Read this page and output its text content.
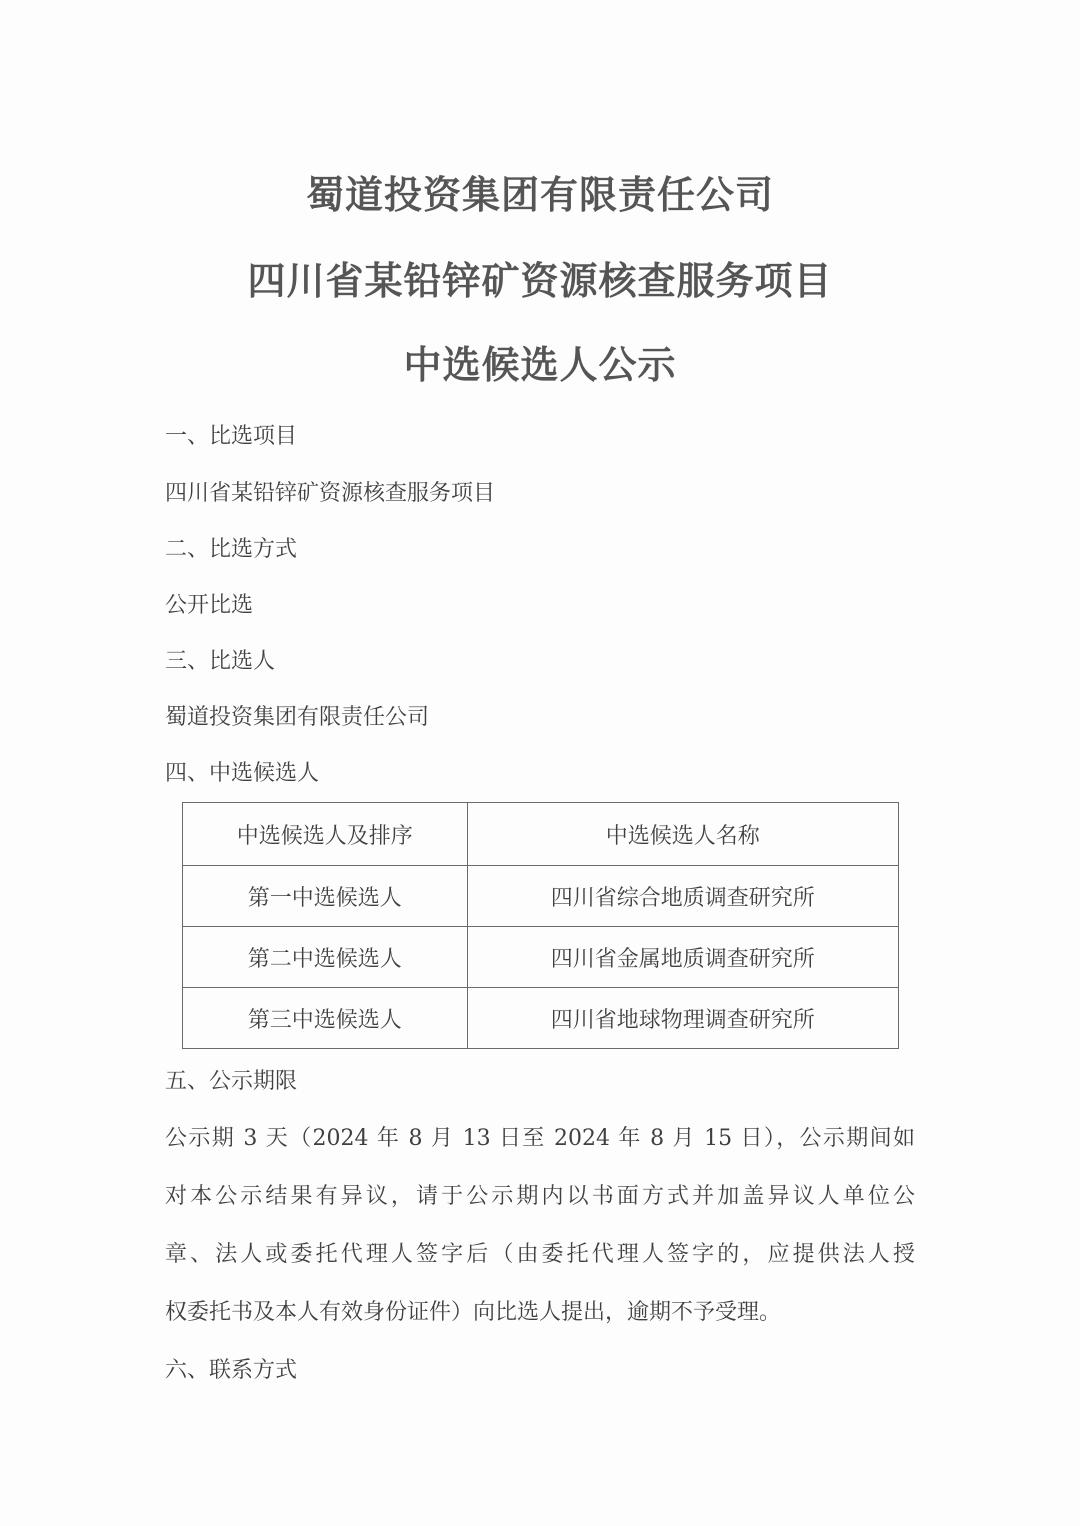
蜀道投资集团有限责任公司
四川省某铅锌矿资源核查服务项目
中选候选人公示
一、比选项目
四川省某铅锌矿资源核查服务项目
二、比选方式
公开比选
三、比选人
蜀道投资集团有限责任公司
四、中选候选人
中选候选人及排序	中选候选人名称
第一中选候选人	四川省综合地质调查研究所
第二中选候选人	四川省金属地质调查研究所
第三中选候选人	四川省地球物理调查研究所
五、公示期限
公示期 3 天（2024 年 8 月 13 日至 2024 年 8 月 15 日），公示期间如
对本公示结果有异议，请于公示期内以书面方式并加盖异议人单位公
章、法人或委托代理人签字后（由委托代理人签字的，应提供法人授
权委托书及本人有效身份证件）向比选人提出，逾期不予受理。
六、联系方式
